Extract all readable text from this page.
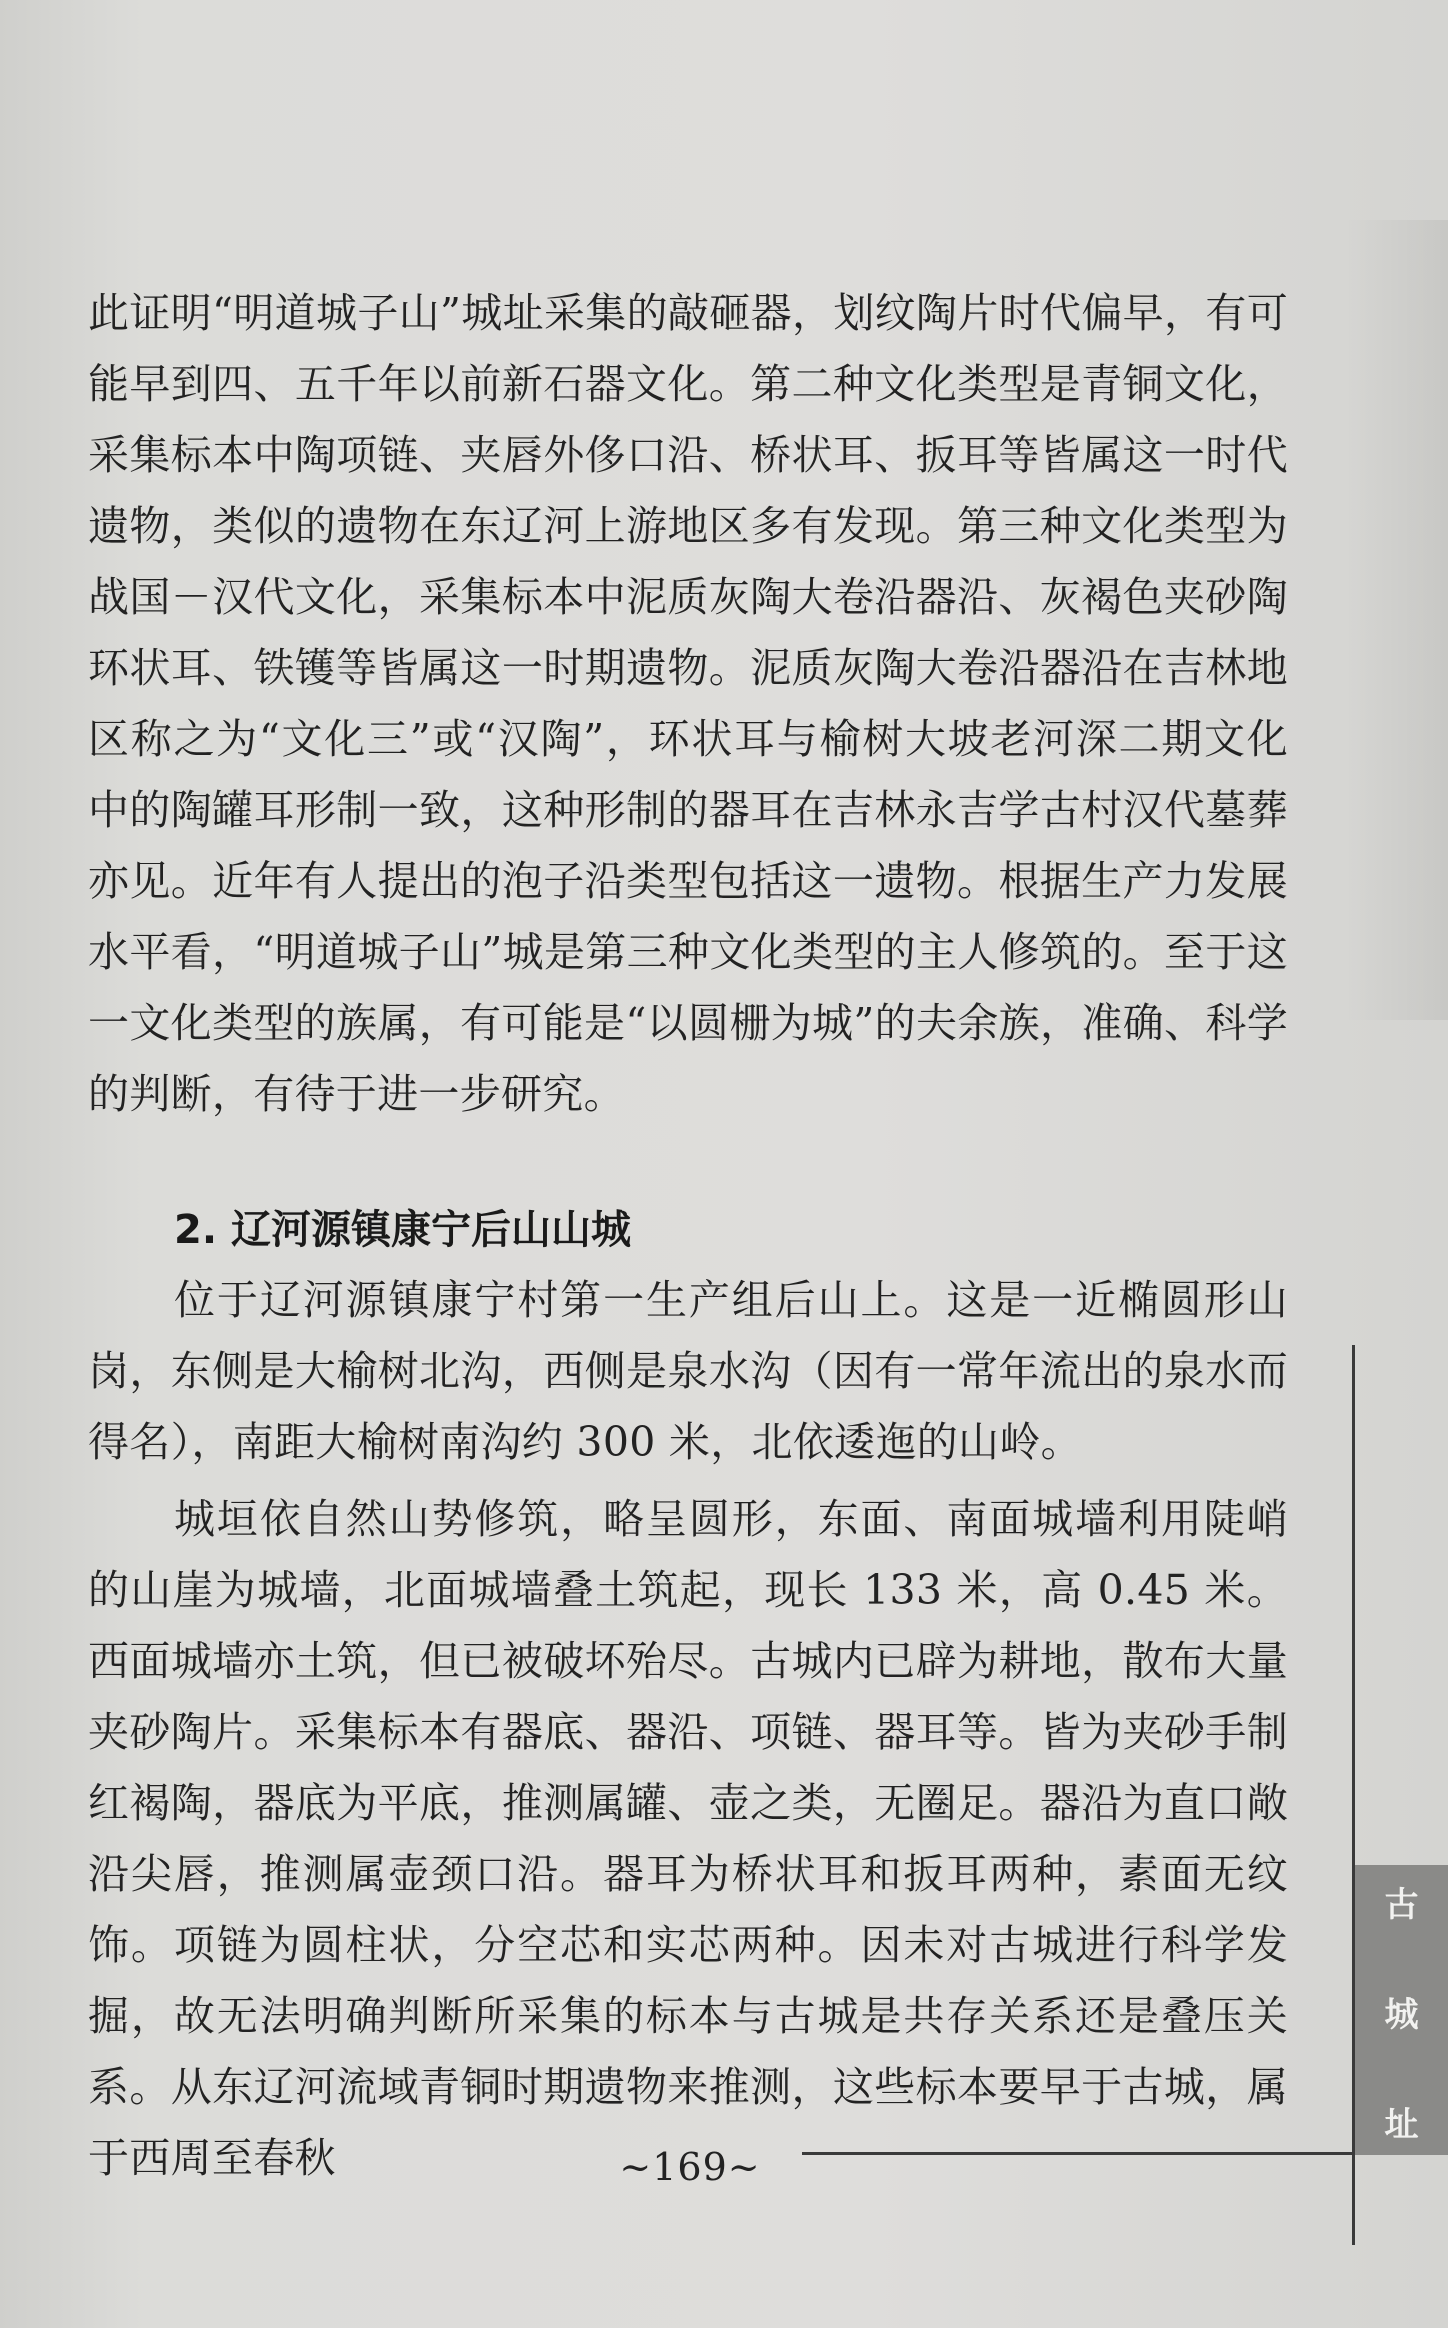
此证明“明道城子山”城址采集的敲砸器，划纹陶片时代偏早，有可能早到四、五千年以前新石器文化。第二种文化类型是青铜文化，采集标本中陶项链、夹唇外侈口沿、桥状耳、扳耳等皆属这一时代遗物，类似的遗物在东辽河上游地区多有发现。第三种文化类型为战国－汉代文化，采集标本中泥质灰陶大卷沿器沿、灰褐色夹砂陶环状耳、铁镬等皆属这一时期遗物。泥质灰陶大卷沿器沿在吉林地区称之为“文化三”或“汉陶”，环状耳与榆树大坡老河深二期文化中的陶罐耳形制一致，这种形制的器耳在吉林永吉学古村汉代墓葬亦见。近年有人提出的泡子沿类型包括这一遗物。根据生产力发展水平看，“明道城子山”城是第三种文化类型的主人修筑的。至于这一文化类型的族属，有可能是“以圆栅为城”的夫余族，准确、科学的判断，有待于进一步研究。

2. 辽河源镇康宁后山山城

位于辽河源镇康宁村第一生产组后山上。这是一近椭圆形山岗，东侧是大榆树北沟，西侧是泉水沟（因有一常年流出的泉水而得名），南距大榆树南沟约 300 米，北依逶迤的山岭。

城垣依自然山势修筑，略呈圆形，东面、南面城墙利用陡峭的山崖为城墙，北面城墙叠土筑起，现长 133 米，高 0.45 米。西面城墙亦土筑，但已被破坏殆尽。古城内已辟为耕地，散布大量夹砂陶片。采集标本有器底、器沿、项链、器耳等。皆为夹砂手制红褐陶，器底为平底，推测属罐、壶之类，无圈足。器沿为直口敞沿尖唇，推测属壶颈口沿。器耳为桥状耳和扳耳两种，素面无纹饰。项链为圆柱状，分空芯和实芯两种。因未对古城进行科学发掘，故无法明确判断所采集的标本与古城是共存关系还是叠压关系。从东辽河流域青铜时期遗物来推测，这些标本要早于古城，属于西周至春秋	~169~
古
城
址
